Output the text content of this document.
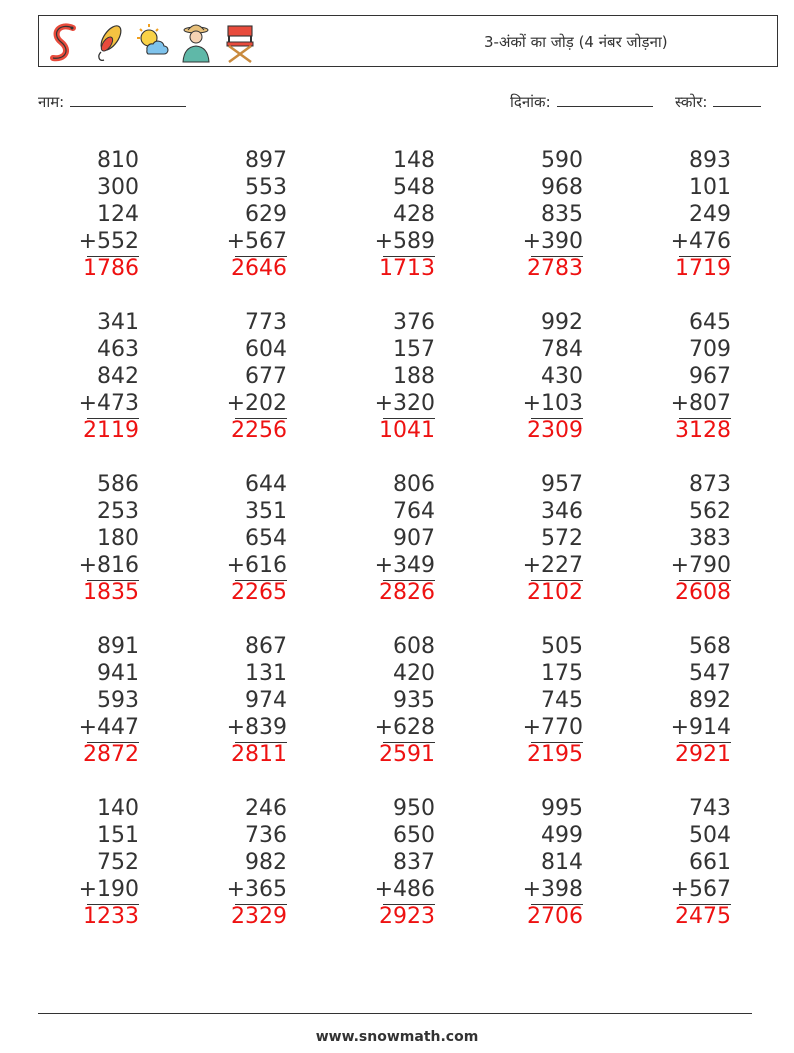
3-अंकों का जोड़ (4 नंबर जोड़ना)
नाम:	दिनांक:	स्कोर:
810
300
124
+552
1786
897
553
629
+567
2646
148
548
428
+589
1713
590
968
835
+390
2783
893
101
249
+476
1719
341
463
842
+473
2119
773
604
677
+202
2256
376
157
188
+320
1041
992
784
430
+103
2309
645
709
967
+807
3128
586
253
180
+816
1835
644
351
654
+616
2265
806
764
907
+349
2826
957
346
572
+227
2102
873
562
383
+790
2608
891
941
593
+447
2872
867
131
974
+839
2811
608
420
935
+628
2591
505
175
745
+770
2195
568
547
892
+914
2921
140
151
752
+190
1233
246
736
982
+365
2329
950
650
837
+486
2923
995
499
814
+398
2706
743
504
661
+567
2475
www.snowmath.com
